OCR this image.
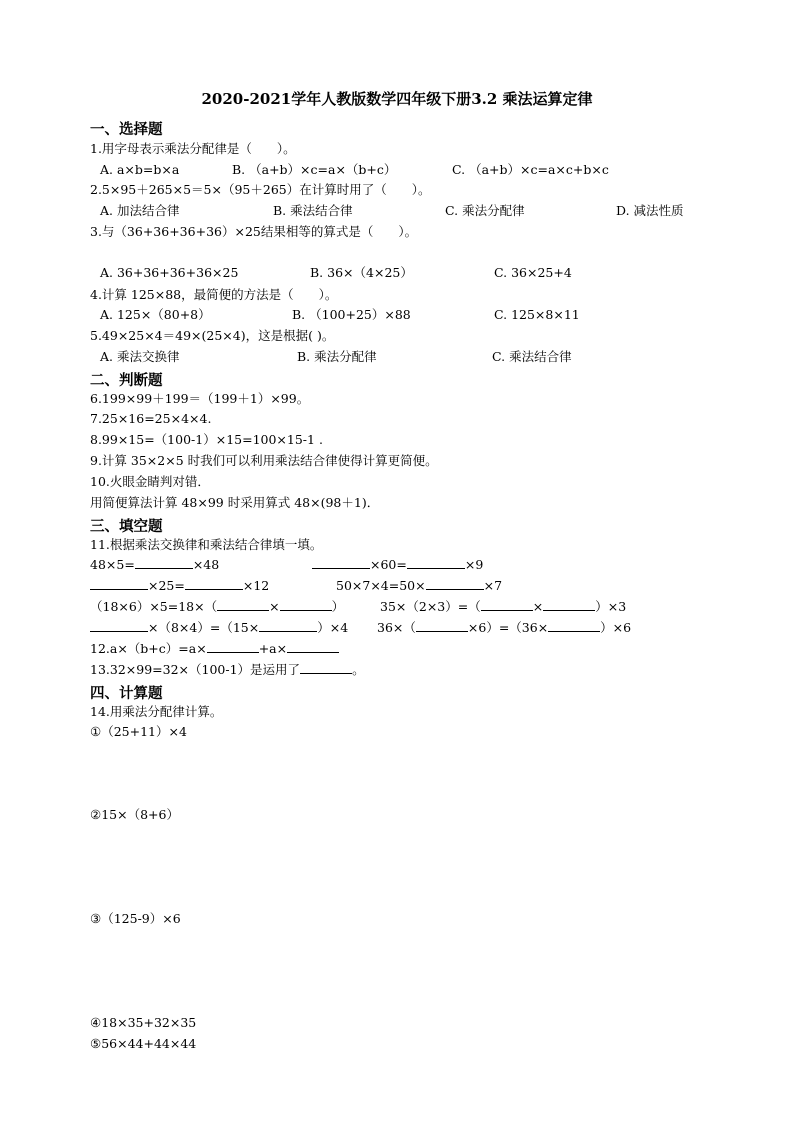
2020-2021学年人教版数学四年级下册3.2 乘法运算定律
一、选择题
1.用字母表示乘法分配律是（　　）。
A. a×b=b×a	B. （a+b）×c=a×（b+c）	C. （a+b）×c=a×c+b×c
2.5×95＋265×5＝5×（95＋265）在计算时用了（　　）。
A. 加法结合律	B. 乘法结合律	C. 乘法分配律	D. 减法性质
3.与（36+36+36+36）×25结果相等的算式是（　　）。
A. 36+36+36+36×25	B. 36×（4×25）	C. 36×25+4
4.计算 125×88，最简便的方法是（　　）。
A. 125×（80+8）	B. （100+25）×88	C. 125×8×11
5.49×25×4＝49×(25×4)，这是根据( )。
A. 乘法交换律	B. 乘法分配律	C. 乘法结合律
二、判断题
6.199×99＋199＝（199＋1）×99。
7.25×16=25×4×4.
8.99×15=（100-1）×15=100×15-1 .
9.计算 35×2×5 时我们可以利用乘法结合律使得计算更简便。
10.火眼金睛判对错．
用简便算法计算 48×99 时采用算式 48×(98＋1)．
三、填空题
11.根据乘法交换律和乘法结合律填一填。
48×5=	×48	×60=	×9
×25=	×12	50×7×4=50×	×7
（18×6）×5=18×（	×	）	35×（2×3）=（	×	）×3
×（8×4）=（15×	）×4 36×（	×6）=（36×	）×6
12.a×（b+c）=a×	+a×
13.32×99=32×（100-1）是运用了	。
四、计算题
14.用乘法分配律计算。
①（25+11）×4
②15×（8+6）
③（125-9）×6
④18×35+32×35
⑤56×44+44×44
